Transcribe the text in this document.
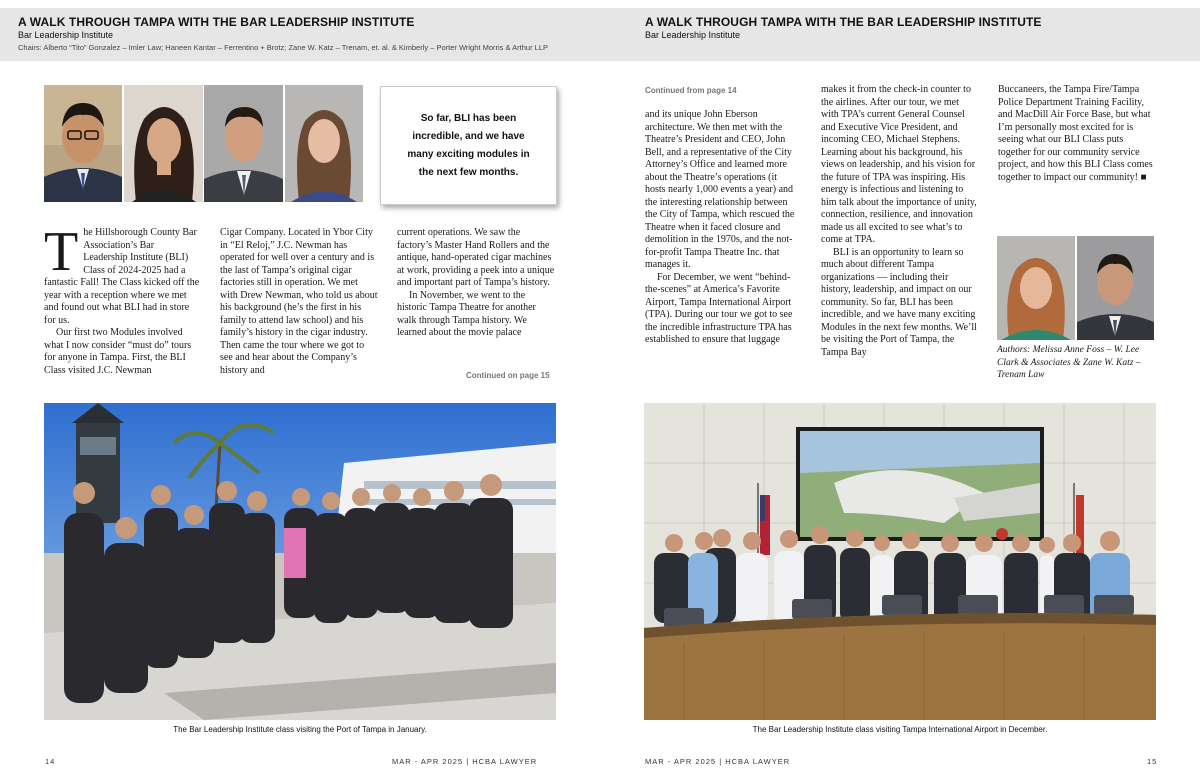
A WALK THROUGH TAMPA WITH THE BAR LEADERSHIP INSTITUTE
Bar Leadership Institute
Chairs: Alberto “Tito” Gonzalez – Imler Law; Haneen Kantar – Ferrentino + Brotz; Zane W. Katz – Trenam, et. al. & Kimberly – Porter Wright Morris & Arthur LLP
So far, BLI has been incredible, and we have many exciting modules in the next few months.

The Hillsborough County Bar Association’s Bar Leadership Institute (BLI) Class of 2024-2025 had a fantastic Fall! The Class kicked off the year with a reception where we met and found out what BLI had in store for us.

Our first two Modules involved what I now consider “must do” tours for anyone in Tampa. First, the BLI Class visited J.C. Newman

Cigar Company. Located in Ybor City in “El Reloj,” J.C. Newman has operated for well over a century and is the last of Tampa’s original cigar factories still in operation. We met with Drew Newman, who told us about his background (he’s the first in his family to attend law school) and his family’s history in the cigar industry. Then came the tour where we got to see and hear about the Company’s history and

current operations. We saw the factory’s Master Hand Rollers and the antique, hand-operated cigar machines at work, providing a peek into a unique and important part of Tampa’s history.

In November, we went to the historic Tampa Theatre for another walk through Tampa history. We learned about the movie palace

Continued on page 15
The Bar Leadership Institute class visiting the Port of Tampa in January.
14	MAR - APR 2025 | HCBA LAWYER
A WALK THROUGH TAMPA WITH THE BAR LEADERSHIP INSTITUTE
Bar Leadership Institute
Continued from page 14

and its unique John Eberson architecture. We then met with the Theatre’s President and CEO, John Bell, and a representative of the City Attorney’s Office and learned more about the Theatre’s operations (it hosts nearly 1,000 events a year) and the interesting relationship between the City of Tampa, which rescued the Theatre when it faced closure and demolition in the 1970s, and the not-for-profit Tampa Theatre Inc. that manages it.

For December, we went “behind-the-scenes” at America’s Favorite Airport, Tampa International Airport (TPA). During our tour we got to see the incredible infrastructure TPA has established to ensure that luggage

makes it from the check-in counter to the airlines. After our tour, we met with TPA’s current General Counsel and Executive Vice President, and incoming CEO, Michael Stephens. Learning about his background, his views on leadership, and his vision for the future of TPA was inspiring. His energy is infectious and listening to him talk about the importance of unity, connection, resilience, and innovation made us all excited to see what’s to come at TPA.

BLI is an opportunity to learn so much about different Tampa organizations — including their history, leadership, and impact on our community. So far, BLI has been incredible, and we have many exciting Modules in the next few months. We’ll be visiting the Port of Tampa, the Tampa Bay

Buccaneers, the Tampa Fire/Tampa Police Department Training Facility, and MacDill Air Force Base, but what I’m personally most excited for is seeing what our BLI Class puts together for our community service project, and how this BLI Class comes together to impact our community! ■

Authors: Melissa Anne Foss – W. Lee Clark & Associates & Zane W. Katz – Trenam Law
The Bar Leadership Institute class visiting Tampa International Airport in December.
MAR - APR 2025 | HCBA LAWYER	15
